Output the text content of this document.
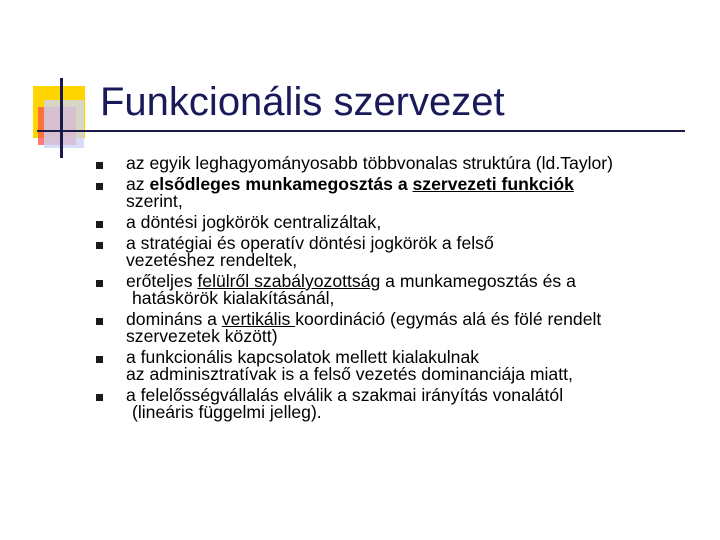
Funkcionális szervezet
az egyik leghagyományosabb többvonalas struktúra (ld.Taylor)
az elsődleges munkamegosztás a szervezeti funkciók
szerint,
a döntési jogkörök centralizáltak,
a stratégiai és operatív döntési jogkörök a felső
vezetéshez rendeltek,
erőteljes felülről szabályozottság a munkamegosztás és a
hatáskörök kialakításánál,
domináns a vertikális koordináció (egymás alá és fölé rendelt
szervezetek között)
a funkcionális kapcsolatok mellett kialakulnak
az adminisztratívak is a felső vezetés dominanciája miatt,
a felelősségvállalás elválik a szakmai irányítás vonalától
(lineáris függelmi jelleg).
